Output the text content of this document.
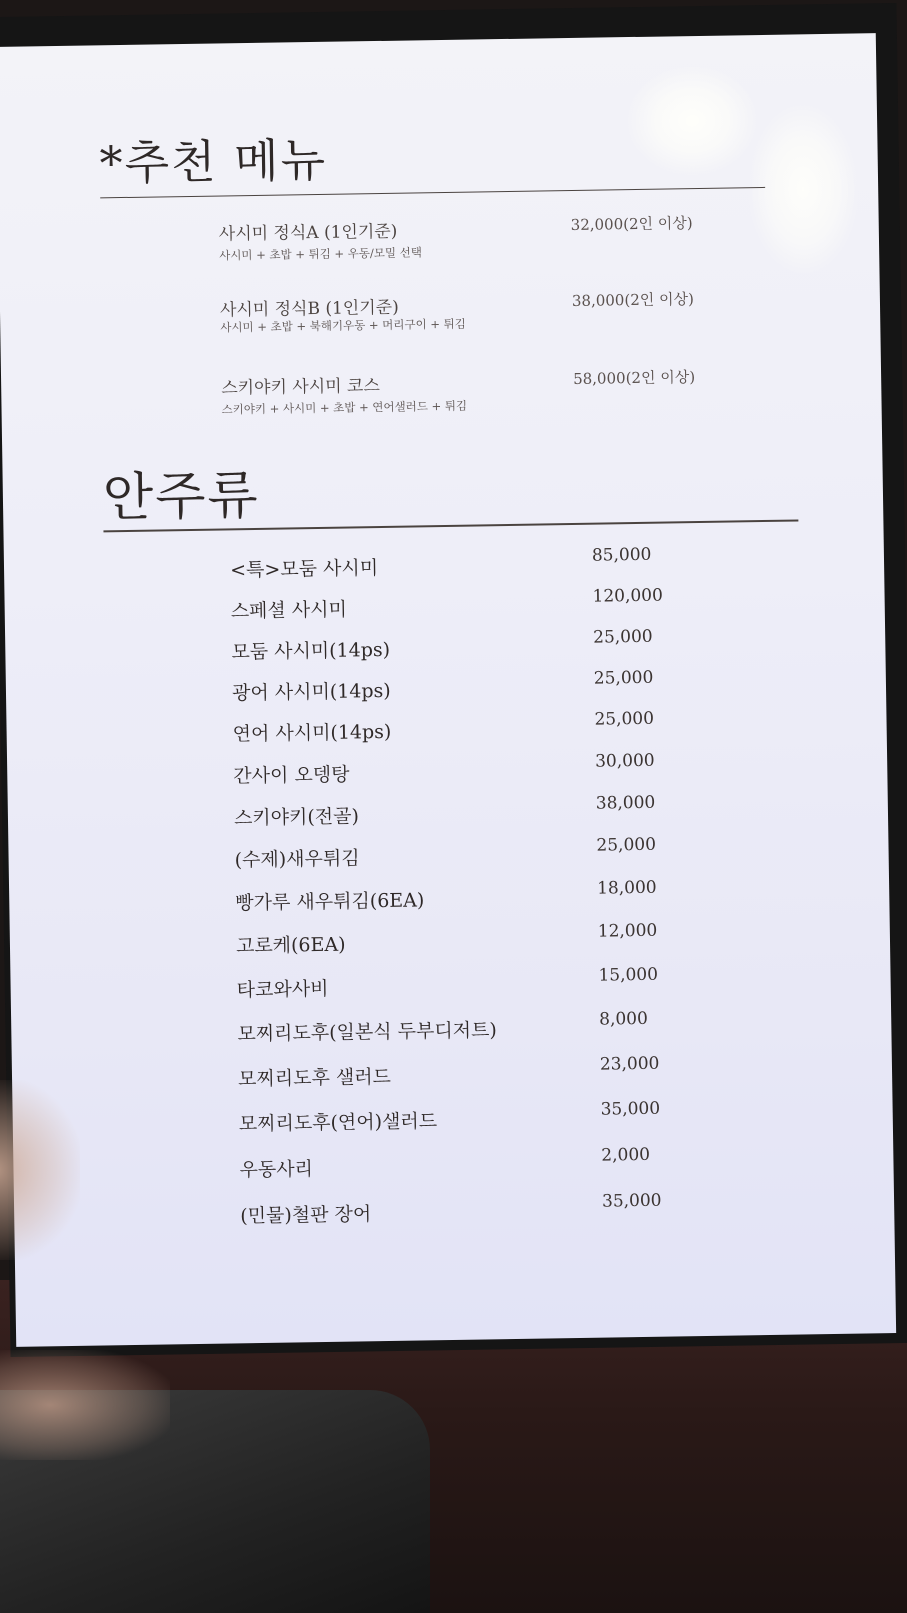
*추천 메뉴
사시미 정식A (1인기준)
사시미 + 초밥 + 튀김 + 우동/모밀 선택
32,000(2인 이상)
사시미 정식B (1인기준)
사시미 + 초밥 + 북해기우동 + 머리구이 + 튀김
38,000(2인 이상)
스키야키 사시미 코스
스키야키 + 사시미 + 초밥 + 연어샐러드 + 튀김
58,000(2인 이상)
안주류
<특>모둠 사시미
85,000
스페셜 사시미
120,000
모둠 사시미(14ps)
25,000
광어 사시미(14ps)
25,000
연어 사시미(14ps)
25,000
간사이 오뎅탕
30,000
스키야키(전골)
38,000
(수제)새우튀김
25,000
빵가루 새우튀김(6EA)
18,000
고로케(6EA)
12,000
타코와사비
15,000
모찌리도후(일본식 두부디저트)	8,000
모찌리도후 샐러드
23,000
모찌리도후(연어)샐러드
35,000
우동사리
2,000
(민물)철판 장어
35,000
